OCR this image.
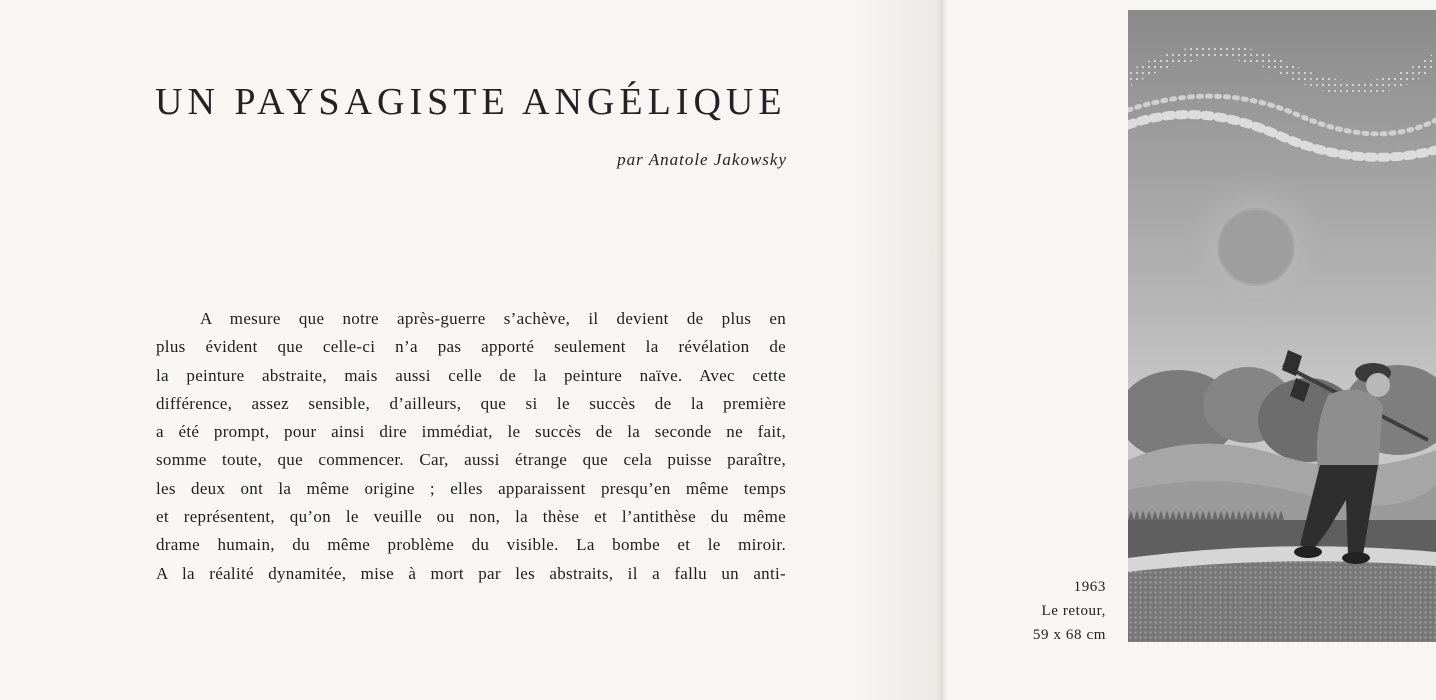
UN PAYSAGISTE ANGÉLIQUE
par Anatole Jakowsky

A mesure que notre après-guerre s’achève, il devient de plus en
plus évident que celle-ci n’a pas apporté seulement la révélation de
la peinture abstraite, mais aussi celle de la peinture naïve. Avec cette
différence, assez sensible, d’ailleurs, que si le succès de la première
a été prompt, pour ainsi dire immédiat, le succès de la seconde ne fait,
somme toute, que commencer. Car, aussi étrange que cela puisse paraître,
les deux ont la même origine ; elles apparaissent presqu’en même temps
et représentent, qu’on le veuille ou non, la thèse et l’antithèse du même
drame humain, du même problème du visible. La bombe et le miroir.
A la réalité dynamitée, mise à mort par les abstraits, il a fallu un anti-

1963
Le retour,
59 x 68 cm
